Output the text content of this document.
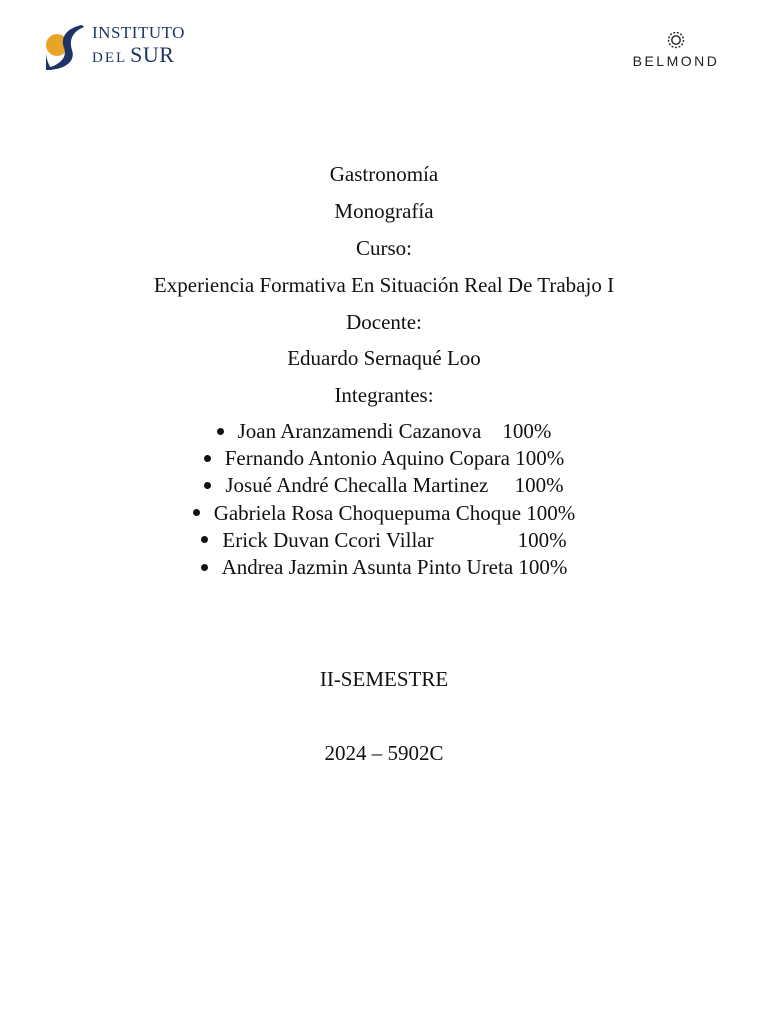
INSTITUTO
DEL SUR	BELMOND
Gastronomía
Monografía
Curso:
Experiencia Formativa En Situación Real De Trabajo I
Docente:
Eduardo Sernaqué Loo
Integrantes:
Joan Aranzamendi Cazanova 100%
Fernando Antonio Aquino Copara 100%
Josué André Checalla Martinez 100%
Gabriela Rosa Choquepuma Choque 100%
Erick Duvan Ccori Villar	100%
Andrea Jazmin Asunta Pinto Ureta 100%
II-SEMESTRE
2024 – 5902C
